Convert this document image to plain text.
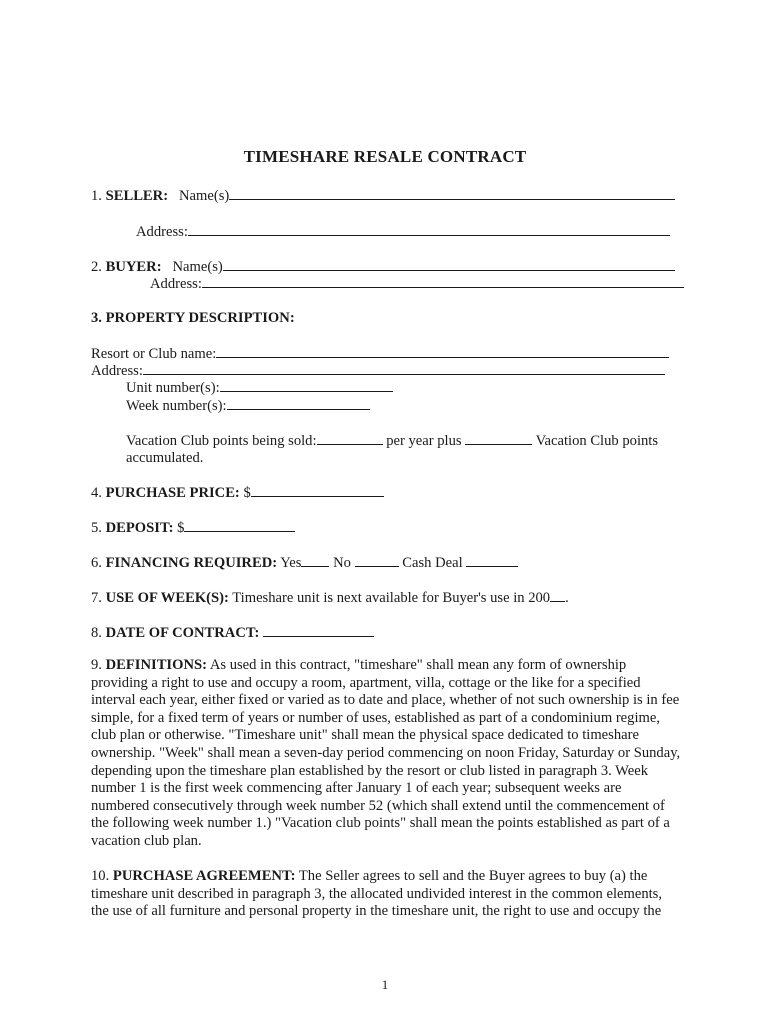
TIMESHARE RESALE CONTRACT
1. SELLER: Name(s)
Address:
2. BUYER: Name(s)
Address:
3. PROPERTY DESCRIPTION:
Resort or Club name:
Address:
Unit number(s):
Week number(s):
Vacation Club points being sold:	per year plus	Vacation Club points
accumulated.
4. PURCHASE PRICE: $
5. DEPOSIT: $
6. FINANCING REQUIRED: Yes No	Cash Deal
7. USE OF WEEK(S): Timeshare unit is next available for Buyer's use in 200 .
8. DATE OF CONTRACT:
9. DEFINITIONS: As used in this contract, "timeshare" shall mean any form of ownership providing a right to use and occupy a room, apartment, villa, cottage or the like for a specified interval each year, either fixed or varied as to date and place, whether of not such ownership is in fee simple, for a fixed term of years or number of uses, established as part of a condominium regime, club plan or otherwise. "Timeshare unit" shall mean the physical space dedicated to timeshare ownership. "Week" shall mean a seven-day period commencing on noon Friday, Saturday or Sunday, depending upon the timeshare plan established by the resort or club listed in paragraph 3. Week number 1 is the first week commencing after January 1 of each year; subsequent weeks are numbered consecutively through week number 52 (which shall extend until the commencement of the following week number 1.) "Vacation club points" shall mean the points established as part of a vacation club plan.
10. PURCHASE AGREEMENT: The Seller agrees to sell and the Buyer agrees to buy (a) the timeshare unit described in paragraph 3, the allocated undivided interest in the common elements, the use of all furniture and personal property in the timeshare unit, the right to use and occupy the
1
